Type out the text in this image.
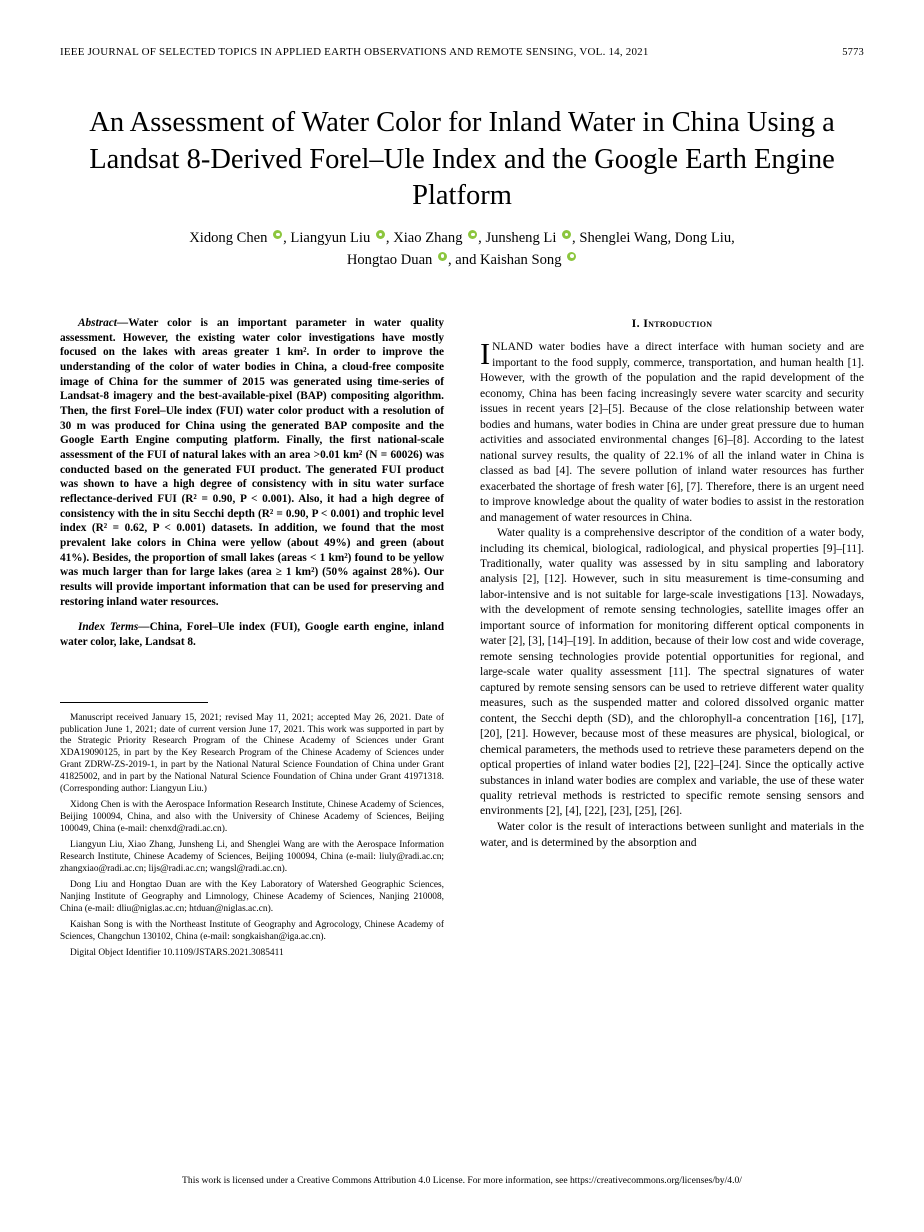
IEEE JOURNAL OF SELECTED TOPICS IN APPLIED EARTH OBSERVATIONS AND REMOTE SENSING, VOL. 14, 2021	5773
An Assessment of Water Color for Inland Water in China Using a Landsat 8-Derived Forel–Ule Index and the Google Earth Engine Platform
Xidong Chen , Liangyun Liu , Xiao Zhang , Junsheng Li , Shenglei Wang, Dong Liu,
Hongtao Duan , and Kaishan Song

Abstract—Water color is an important parameter in water quality assessment. However, the existing water color investigations have mostly focused on the lakes with areas greater 1 km². In order to improve the understanding of the color of water bodies in China, a cloud-free composite image of China for the summer of 2015 was generated using time-series of Landsat-8 imagery and the best-available-pixel (BAP) compositing algorithm. Then, the first Forel–Ule index (FUI) water color product with a resolution of 30 m was produced for China using the generated BAP composite and the Google Earth Engine computing platform. Finally, the first national-scale assessment of the FUI of natural lakes with an area >0.01 km² (N = 60026) was conducted based on the generated FUI product. The generated FUI product was shown to have a high degree of consistency with in situ water surface reflectance-derived FUI (R² = 0.90, P < 0.001). Also, it had a high degree of consistency with the in situ Secchi depth (R² = 0.90, P < 0.001) and trophic level index (R² = 0.62, P < 0.001) datasets. In addition, we found that the most prevalent lake colors in China were yellow (about 49%) and green (about 41%). Besides, the proportion of small lakes (areas < 1 km²) found to be yellow was much larger than for large lakes (area ≥ 1 km²) (50% against 28%). Our results will provide important information that can be used for preserving and restoring inland water resources.

Index Terms—China, Forel–Ule index (FUI), Google earth engine, inland water color, lake, Landsat 8.

Manuscript received January 15, 2021; revised May 11, 2021; accepted May 26, 2021. Date of publication June 1, 2021; date of current version June 17, 2021. This work was supported in part by the Strategic Priority Research Program of the Chinese Academy of Sciences under Grant XDA19090125, in part by the Key Research Program of the Chinese Academy of Sciences under Grant ZDRW-ZS-2019-1, in part by the National Natural Science Foundation of China under Grant 41825002, and in part by the National Natural Science Foundation of China under Grant 41971318. (Corresponding author: Liangyun Liu.)

Xidong Chen is with the Aerospace Information Research Institute, Chinese Academy of Sciences, Beijing 100094, China, and also with the University of Chinese Academy of Sciences, Beijing 100049, China (e-mail: chenxd@radi.ac.cn).

Liangyun Liu, Xiao Zhang, Junsheng Li, and Shenglei Wang are with the Aerospace Information Research Institute, Chinese Academy of Sciences, Beijing 100094, China (e-mail: liuly@radi.ac.cn; zhangxiao@radi.ac.cn; lijs@radi.ac.cn; wangsl@radi.ac.cn).

Dong Liu and Hongtao Duan are with the Key Laboratory of Watershed Geographic Sciences, Nanjing Institute of Geography and Limnology, Chinese Academy of Sciences, Nanjing 210008, China (e-mail: dliu@niglas.ac.cn; htduan@niglas.ac.cn).

Kaishan Song is with the Northeast Institute of Geography and Agrocology, Chinese Academy of Sciences, Changchun 130102, China (e-mail: songkaishan@iga.ac.cn).

Digital Object Identifier 10.1109/JSTARS.2021.3085411

I. Introduction

INLAND water bodies have a direct interface with human society and are important to the food supply, commerce, transportation, and human health [1]. However, with the growth of the population and the rapid development of the economy, China has been facing increasingly severe water scarcity and security issues in recent years [2]–[5]. Because of the close relationship between water bodies and humans, water bodies in China are under great pressure due to human activities and associated environmental changes [6]–[8]. According to the latest national survey results, the quality of 22.1% of all the inland water in China is classed as bad [4]. The severe pollution of inland water resources has further exacerbated the shortage of fresh water [6], [7]. Therefore, there is an urgent need to improve knowledge about the quality of water bodies to assist in the restoration and management of water resources in China.

Water quality is a comprehensive descriptor of the condition of a water body, including its chemical, biological, radiological, and physical properties [9]–[11]. Traditionally, water quality was assessed by in situ sampling and laboratory analysis [2], [12]. However, such in situ measurement is time-consuming and labor-intensive and is not suitable for large-scale investigations [13]. Nowadays, with the development of remote sensing technologies, satellite images offer an important source of information for monitoring different optical components in water [2], [3], [14]–[19]. In addition, because of their low cost and wide coverage, remote sensing technologies provide potential opportunities for regional, and large-scale water quality assessment [11]. The spectral signatures of water captured by remote sensing sensors can be used to retrieve different water quality measures, such as the suspended matter and colored dissolved organic matter content, the Secchi depth (SD), and the chlorophyll-a concentration [16], [17], [20], [21]. However, because most of these measures are physical, biological, or chemical parameters, the methods used to retrieve these parameters depend on the optical properties of inland water bodies [2], [22]–[24]. Since the optically active substances in inland water bodies are complex and variable, the use of these water quality retrieval methods is restricted to specific remote sensing sensors and environments [2], [4], [22], [23], [25], [26].

Water color is the result of interactions between sunlight and materials in the water, and is determined by the absorption and

This work is licensed under a Creative Commons Attribution 4.0 License. For more information, see https://creativecommons.org/licenses/by/4.0/
